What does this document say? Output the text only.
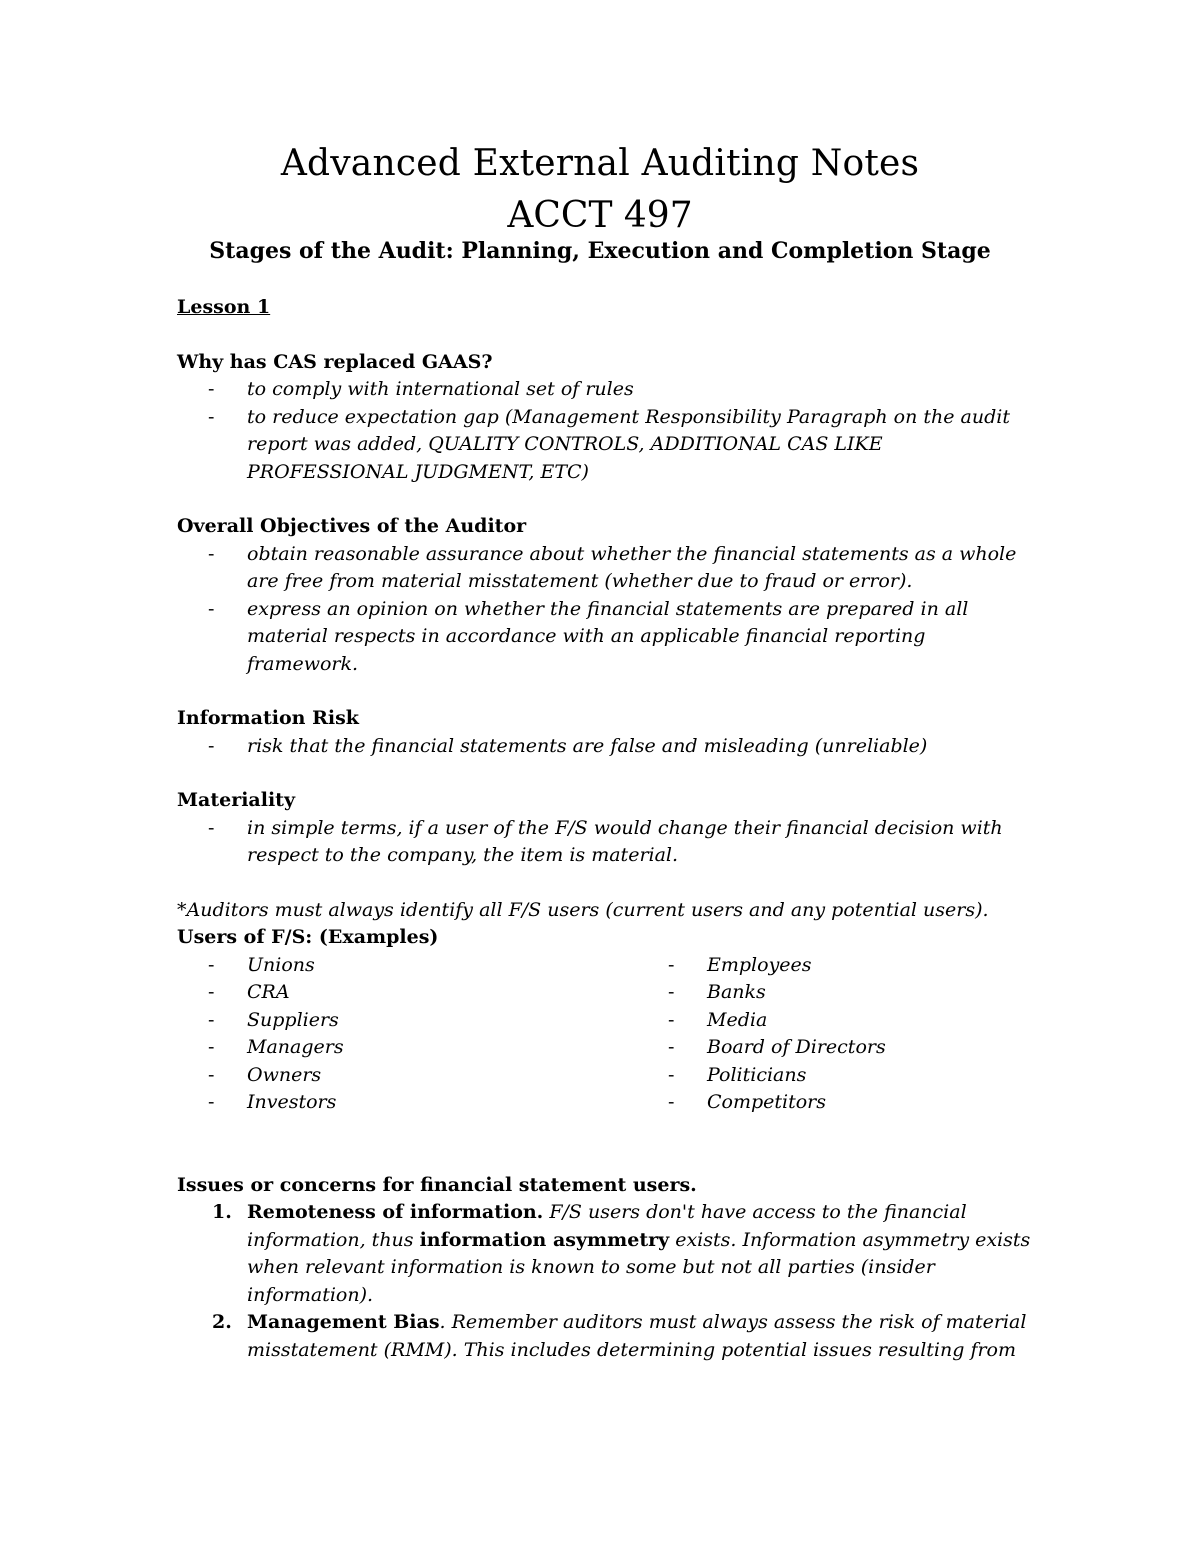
Advanced External Auditing Notes
ACCT 497
Stages of the Audit: Planning, Execution and Completion Stage
Lesson 1
Why has CAS replaced GAAS?
- to comply with international set of rules
- to reduce expectation gap (Management Responsibility Paragraph on the audit report was added, QUALITY CONTROLS, ADDITIONAL CAS LIKE PROFESSIONAL JUDGMENT, ETC)
Overall Objectives of the Auditor
- obtain reasonable assurance about whether the financial statements as a whole are free from material misstatement (whether due to fraud or error).
- express an opinion on whether the financial statements are prepared in all material respects in accordance with an applicable financial reporting framework.
Information Risk
- risk that the financial statements are false and misleading (unreliable)
Materiality
- in simple terms, if a user of the F/S would change their financial decision with respect to the company, the item is material.
*Auditors must always identify all F/S users (current users and any potential users).
Users of F/S: (Examples)
- Unions
- CRA
- Suppliers
- Managers
- Owners
- Investors
- Employees
- Banks
- Media
- Board of Directors
- Politicians
- Competitors
Issues or concerns for financial statement users.
1. Remoteness of information. F/S users don't have access to the financial information, thus information asymmetry exists. Information asymmetry exists when relevant information is known to some but not all parties (insider information).
2. Management Bias. Remember auditors must always assess the risk of material misstatement (RMM). This includes determining potential issues resulting from
